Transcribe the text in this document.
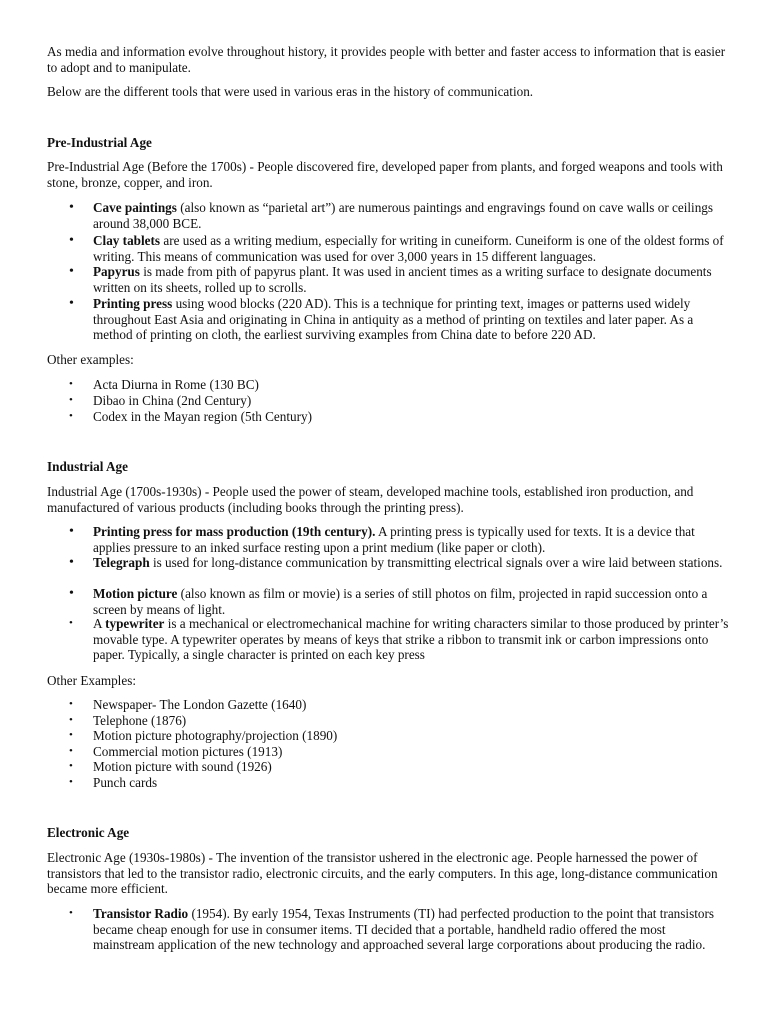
As media and information evolve throughout history, it provides people with better and faster access to information that is easier to adopt and to manipulate.

Below are the different tools that were used in various eras in the history of communication.

Pre-Industrial Age

Pre-Industrial Age (Before the 1700s) - People discovered fire, developed paper from plants, and forged weapons and tools with stone, bronze, copper, and iron.

• Cave paintings (also known as “parietal art”) are numerous paintings and engravings found on cave walls or ceilings around 38,000 BCE.

• Clay tablets are used as a writing medium, especially for writing in cuneiform. Cuneiform is one of the oldest forms of writing. This means of communication was used for over 3,000 years in 15 different languages.

• Papyrus is made from pith of papyrus plant. It was used in ancient times as a writing surface to designate documents written on its sheets, rolled up to scrolls.

• Printing press using wood blocks (220 AD). This is a technique for printing text, images or patterns used widely throughout East Asia and originating in China in antiquity as a method of printing on textiles and later paper. As a method of printing on cloth, the earliest surviving examples from China date to before 220 AD.

Other examples:

• Acta Diurna in Rome (130 BC)

• Dibao in China (2nd Century)

• Codex in the Mayan region (5th Century)

Industrial Age

Industrial Age (1700s-1930s) - People used the power of steam, developed machine tools, established iron production, and manufactured of various products (including books through the printing press).

• Printing press for mass production (19th century). A printing press is typically used for texts. It is a device that applies pressure to an inked surface resting upon a print medium (like paper or cloth).

• Telegraph is used for long-distance communication by transmitting electrical signals over a wire laid between stations.

• Motion picture (also known as film or movie) is a series of still photos on film, projected in rapid succession onto a screen by means of light.

• A typewriter is a mechanical or electromechanical machine for writing characters similar to those produced by printer’s movable type. A typewriter operates by means of keys that strike a ribbon to transmit ink or carbon impressions onto paper. Typically, a single character is printed on each key press

Other Examples:

• Newspaper- The London Gazette (1640)

• Telephone (1876)

• Motion picture photography/projection (1890)

• Commercial motion pictures (1913)

• Motion picture with sound (1926)

• Punch cards

Electronic Age

Electronic Age (1930s-1980s) - The invention of the transistor ushered in the electronic age. People harnessed the power of transistors that led to the transistor radio, electronic circuits, and the early computers. In this age, long-distance communication became more efficient.

• Transistor Radio (1954). By early 1954, Texas Instruments (TI) had perfected production to the point that transistors became cheap enough for use in consumer items. TI decided that a portable, handheld radio offered the most mainstream application of the new technology and approached several large corporations about producing the radio.
